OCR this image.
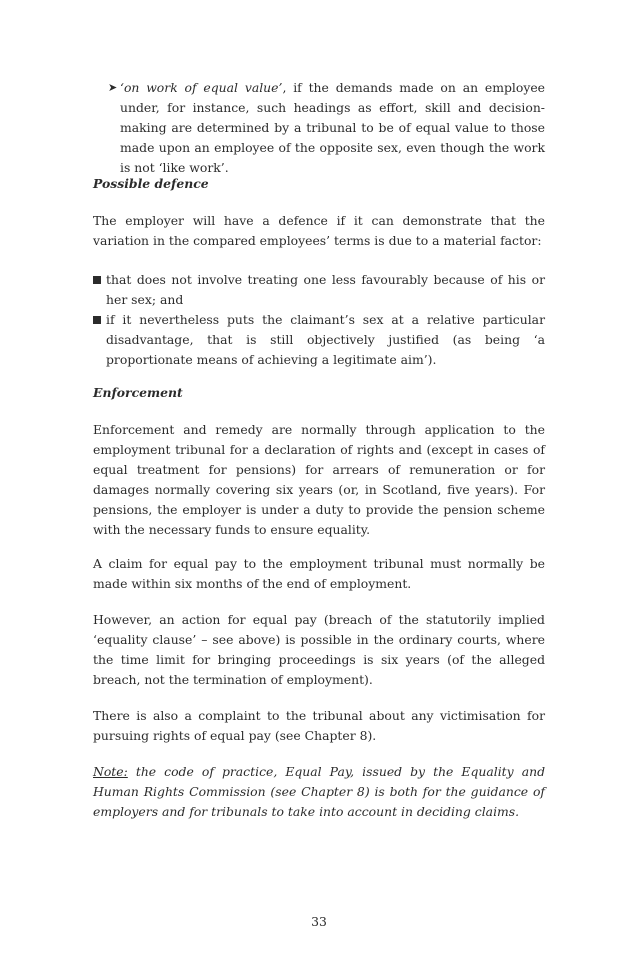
➤ ‘on work of equal value’, if the demands made on an employee under, for instance, such headings as effort, skill and decision-making are determined by a tribunal to be of equal value to those made upon an employee of the opposite sex, even though the work is not ‘like work’.

Possible defence

The employer will have a defence if it can demonstrate that the variation in the compared employees’ terms is due to a material factor:

that does not involve treating one less favourably because of his or her sex; and
if it nevertheless puts the claimant’s sex at a relative particular disadvantage, that is still objectively justified (as being ‘a proportionate means of achieving a legitimate aim’).

Enforcement

Enforcement and remedy are normally through application to the employment tribunal for a declaration of rights and (except in cases of equal treatment for pensions) for arrears of remuneration or for damages normally covering six years (or, in Scotland, five years). For pensions, the employer is under a duty to provide the pension scheme with the necessary funds to ensure equality.

A claim for equal pay to the employment tribunal must normally be made within six months of the end of employment.

However, an action for equal pay (breach of the statutorily implied ‘equality clause’ – see above) is possible in the ordinary courts, where the time limit for bringing proceedings is six years (of the alleged breach, not the termination of employment).

There is also a complaint to the tribunal about any victimisation for pursuing rights of equal pay (see Chapter 8).

Note: the code of practice, Equal Pay, issued by the Equality and Human Rights Commission (see Chapter 8) is both for the guidance of employers and for tribunals to take into account in deciding claims.

33
